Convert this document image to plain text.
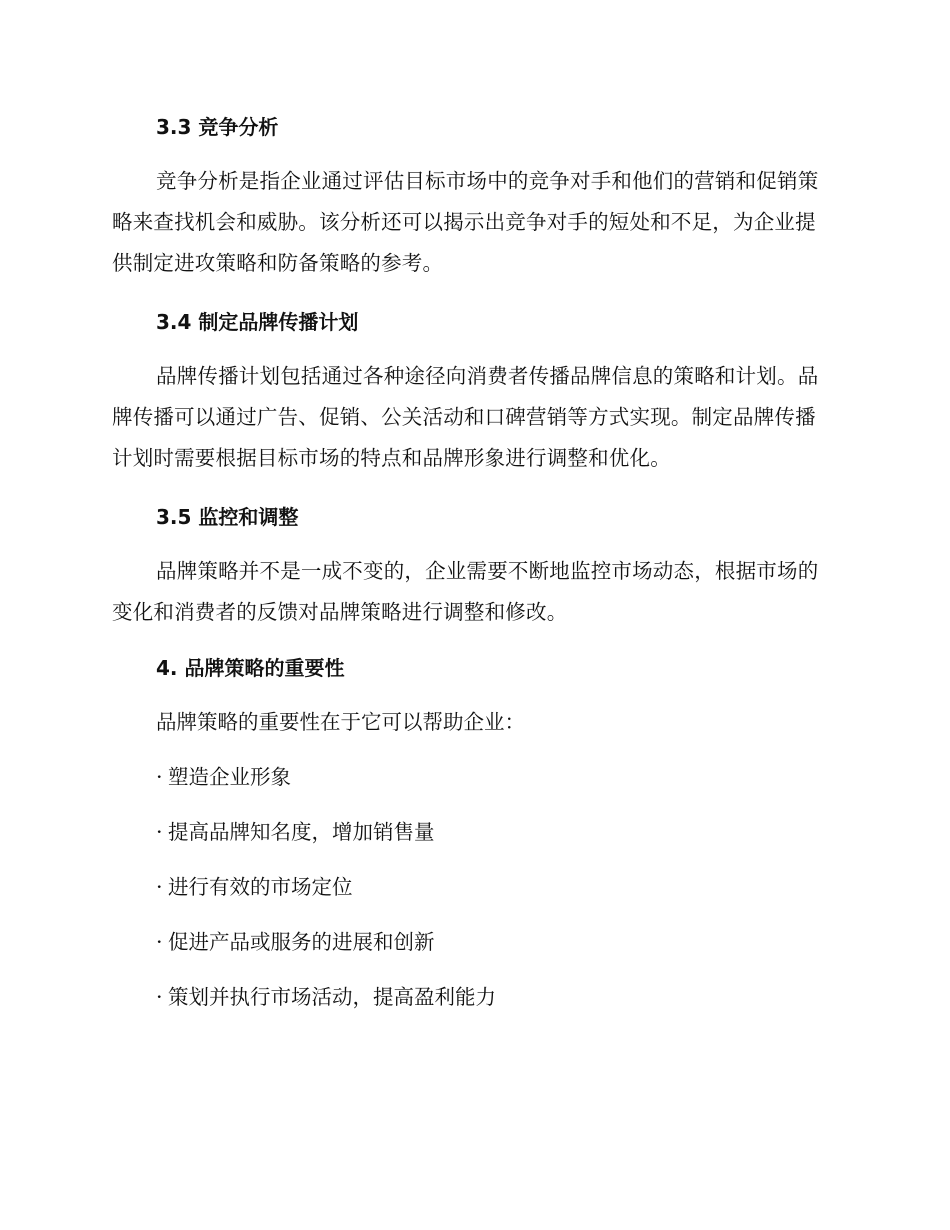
3.3 竞争分析

竞争分析是指企业通过评估目标市场中的竞争对手和他们的营销和促销策略来查找机会和威胁。该分析还可以揭示出竞争对手的短处和不足，为企业提供制定进攻策略和防备策略的参考。

3.4 制定品牌传播计划

品牌传播计划包括通过各种途径向消费者传播品牌信息的策略和计划。品牌传播可以通过广告、促销、公关活动和口碑营销等方式实现。制定品牌传播计划时需要根据目标市场的特点和品牌形象进行调整和优化。

3.5 监控和调整

品牌策略并不是一成不变的，企业需要不断地监控市场动态，根据市场的变化和消费者的反馈对品牌策略进行调整和修改。

4. 品牌策略的重要性

品牌策略的重要性在于它可以帮助企业：

· 塑造企业形象
· 提高品牌知名度，增加销售量
· 进行有效的市场定位
· 促进产品或服务的进展和创新
· 策划并执行市场活动，提高盈利能力
